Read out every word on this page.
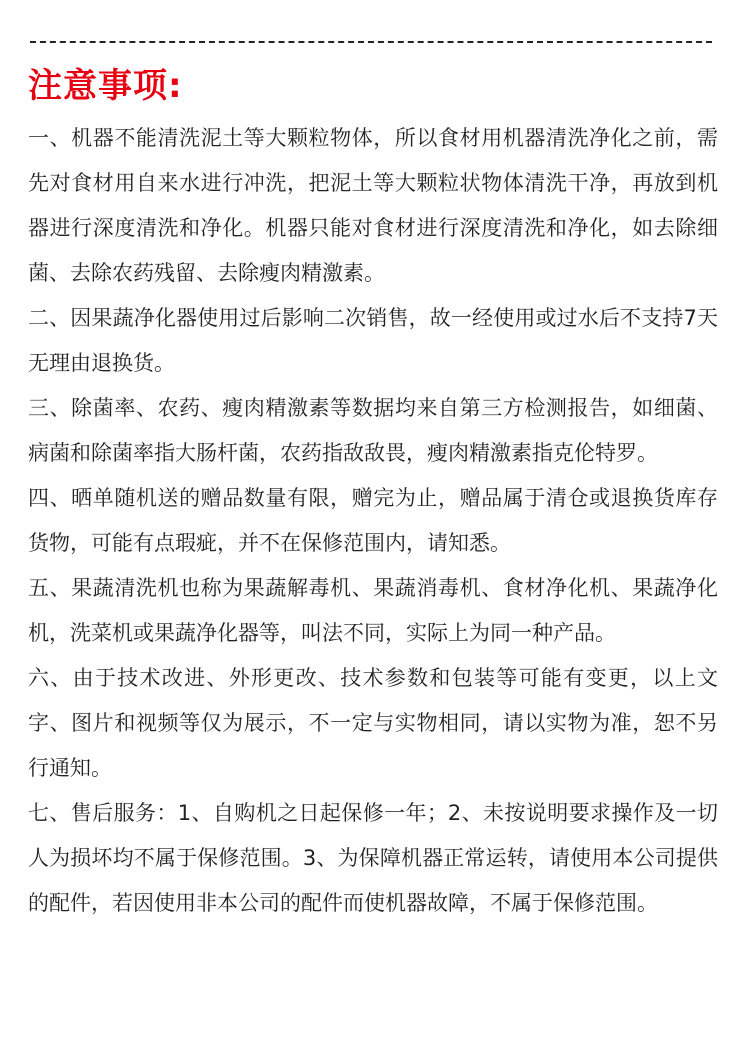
注意事项:

一、机器不能清洗泥土等大颗粒物体，所以食材用机器清洗净化之前，需先对食材用自来水进行冲洗，把泥土等大颗粒状物体清洗干净，再放到机器进行深度清洗和净化。机器只能对食材进行深度清洗和净化，如去除细菌、去除农药残留、去除瘦肉精激素。

二、因果蔬净化器使用过后影响二次销售，故一经使用或过水后不支持7天无理由退换货。

三、除菌率、农药、瘦肉精激素等数据均来自第三方检测报告，如细菌、病菌和除菌率指大肠杆菌，农药指敌敌畏，瘦肉精激素指克伦特罗。

四、晒单随机送的赠品数量有限，赠完为止，赠品属于清仓或退换货库存货物，可能有点瑕疵，并不在保修范围内，请知悉。

五、果蔬清洗机也称为果蔬解毒机、果蔬消毒机、食材净化机、果蔬净化机，洗菜机或果蔬净化器等，叫法不同，实际上为同一种产品。

六、由于技术改进、外形更改、技术参数和包装等可能有变更，以上文字、图片和视频等仅为展示，不一定与实物相同，请以实物为准，恕不另行通知。

七、售后服务：1、自购机之日起保修一年；2、未按说明要求操作及一切人为损坏均不属于保修范围。3、为保障机器正常运转，请使用本公司提供的配件，若因使用非本公司的配件而使机器故障，不属于保修范围。
